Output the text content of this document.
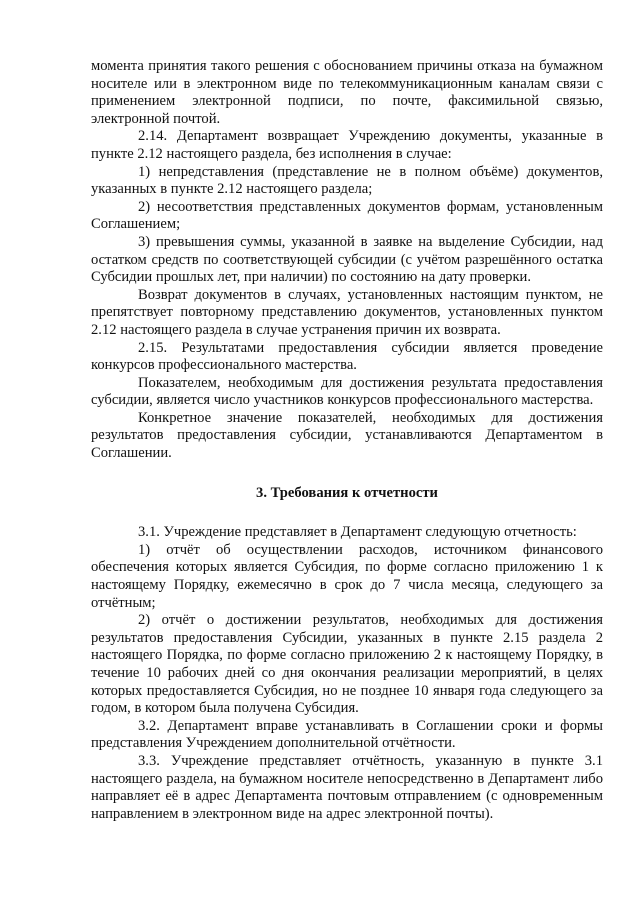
момента принятия такого решения с обоснованием причины отказа на бумажном носителе или в электронном виде по телекоммуникационным каналам связи с применением электронной подписи, по почте, факсимильной связью, электронной почтой.

2.14. Департамент возвращает Учреждению документы, указанные в пункте 2.12 настоящего раздела, без исполнения в случае:

1) непредставления (представление не в полном объёме) документов, указанных в пункте 2.12 настоящего раздела;

2) несоответствия представленных документов формам, установленным Соглашением;

3) превышения суммы, указанной в заявке на выделение Субсидии, над остатком средств по соответствующей субсидии (с учётом разрешённого остатка Субсидии прошлых лет, при наличии) по состоянию на дату проверки.

Возврат документов в случаях, установленных настоящим пунктом, не препятствует повторному представлению документов, установленных пунктом 2.12 настоящего раздела в случае устранения причин их возврата.

2.15. Результатами предоставления субсидии является проведение конкурсов профессионального мастерства.

Показателем, необходимым для достижения результата предоставления субсидии, является число участников конкурсов профессионального мастерства.

Конкретное значение показателей, необходимых для достижения результатов предоставления субсидии, устанавливаются Департаментом в Соглашении.

3. Требования к отчетности

3.1. Учреждение представляет в Департамент следующую отчетность:

1) отчёт об осуществлении расходов, источником финансового обеспечения которых является Субсидия, по форме согласно приложению 1 к настоящему Порядку, ежемесячно в срок до 7 числа месяца, следующего за отчётным;

2) отчёт о достижении результатов, необходимых для достижения результатов предоставления Субсидии, указанных в пункте 2.15 раздела 2 настоящего Порядка, по форме согласно приложению 2 к настоящему Порядку, в течение 10 рабочих дней со дня окончания реализации мероприятий, в целях которых предоставляется Субсидия, но не позднее 10 января года следующего за годом, в котором была получена Субсидия.

3.2. Департамент вправе устанавливать в Соглашении сроки и формы представления Учреждением дополнительной отчётности.

3.3. Учреждение представляет отчётность, указанную в пункте 3.1 настоящего раздела, на бумажном носителе непосредственно в Департамент либо направляет её в адрес Департамента почтовым отправлением (с одновременным направлением в электронном виде на адрес электронной почты).
